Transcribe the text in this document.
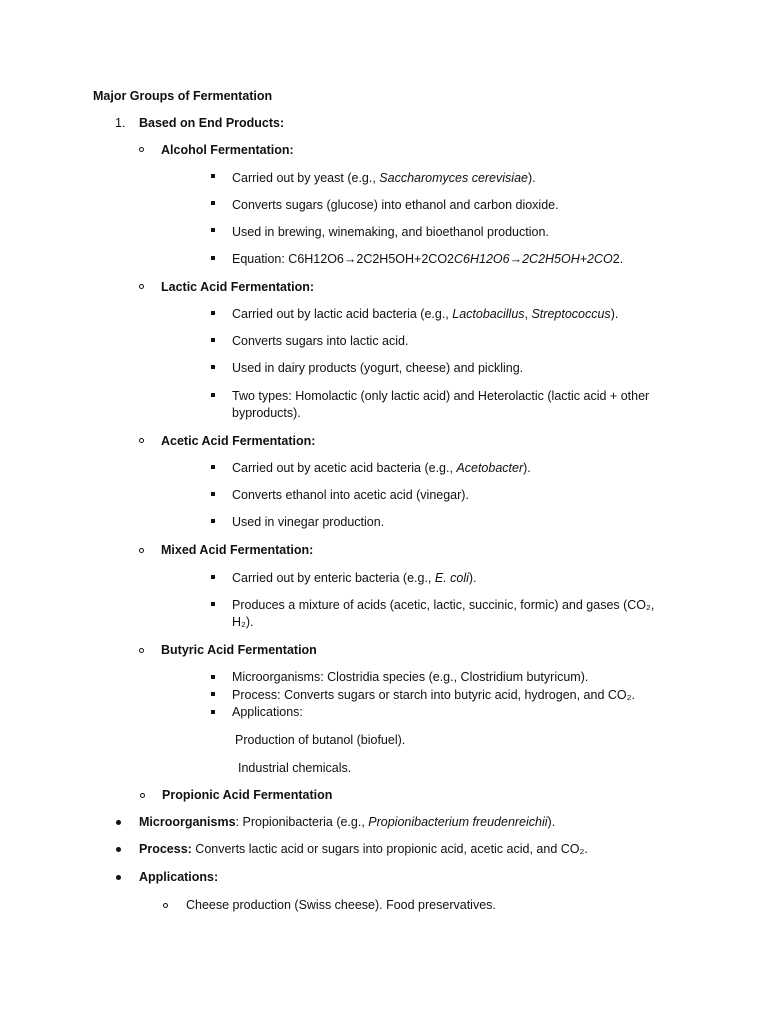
Major Groups of Fermentation
1. Based on End Products:
Alcohol Fermentation:
Carried out by yeast (e.g., Saccharomyces cerevisiae).
Converts sugars (glucose) into ethanol and carbon dioxide.
Used in brewing, winemaking, and bioethanol production.
Equation: C6H12O6→2C2H5OH+2CO2C6H12O6→2C2H5OH+2CO2.
Lactic Acid Fermentation:
Carried out by lactic acid bacteria (e.g., Lactobacillus, Streptococcus).
Converts sugars into lactic acid.
Used in dairy products (yogurt, cheese) and pickling.
Two types: Homolactic (only lactic acid) and Heterolactic (lactic acid + other
byproducts).
Acetic Acid Fermentation:
Carried out by acetic acid bacteria (e.g., Acetobacter).
Converts ethanol into acetic acid (vinegar).
Used in vinegar production.
Mixed Acid Fermentation:
Carried out by enteric bacteria (e.g., E. coli).
Produces a mixture of acids (acetic, lactic, succinic, formic) and gases (CO₂,
H₂).
Butyric Acid Fermentation
Microorganisms: Clostridia species (e.g., Clostridium butyricum).
Process: Converts sugars or starch into butyric acid, hydrogen, and CO₂.
Applications:
Production of butanol (biofuel).
Industrial chemicals.
Propionic Acid Fermentation
Microorganisms: Propionibacteria (e.g., Propionibacterium freudenreichii).
Process: Converts lactic acid or sugars into propionic acid, acetic acid, and CO₂.
Applications:
Cheese production (Swiss cheese). Food preservatives.
